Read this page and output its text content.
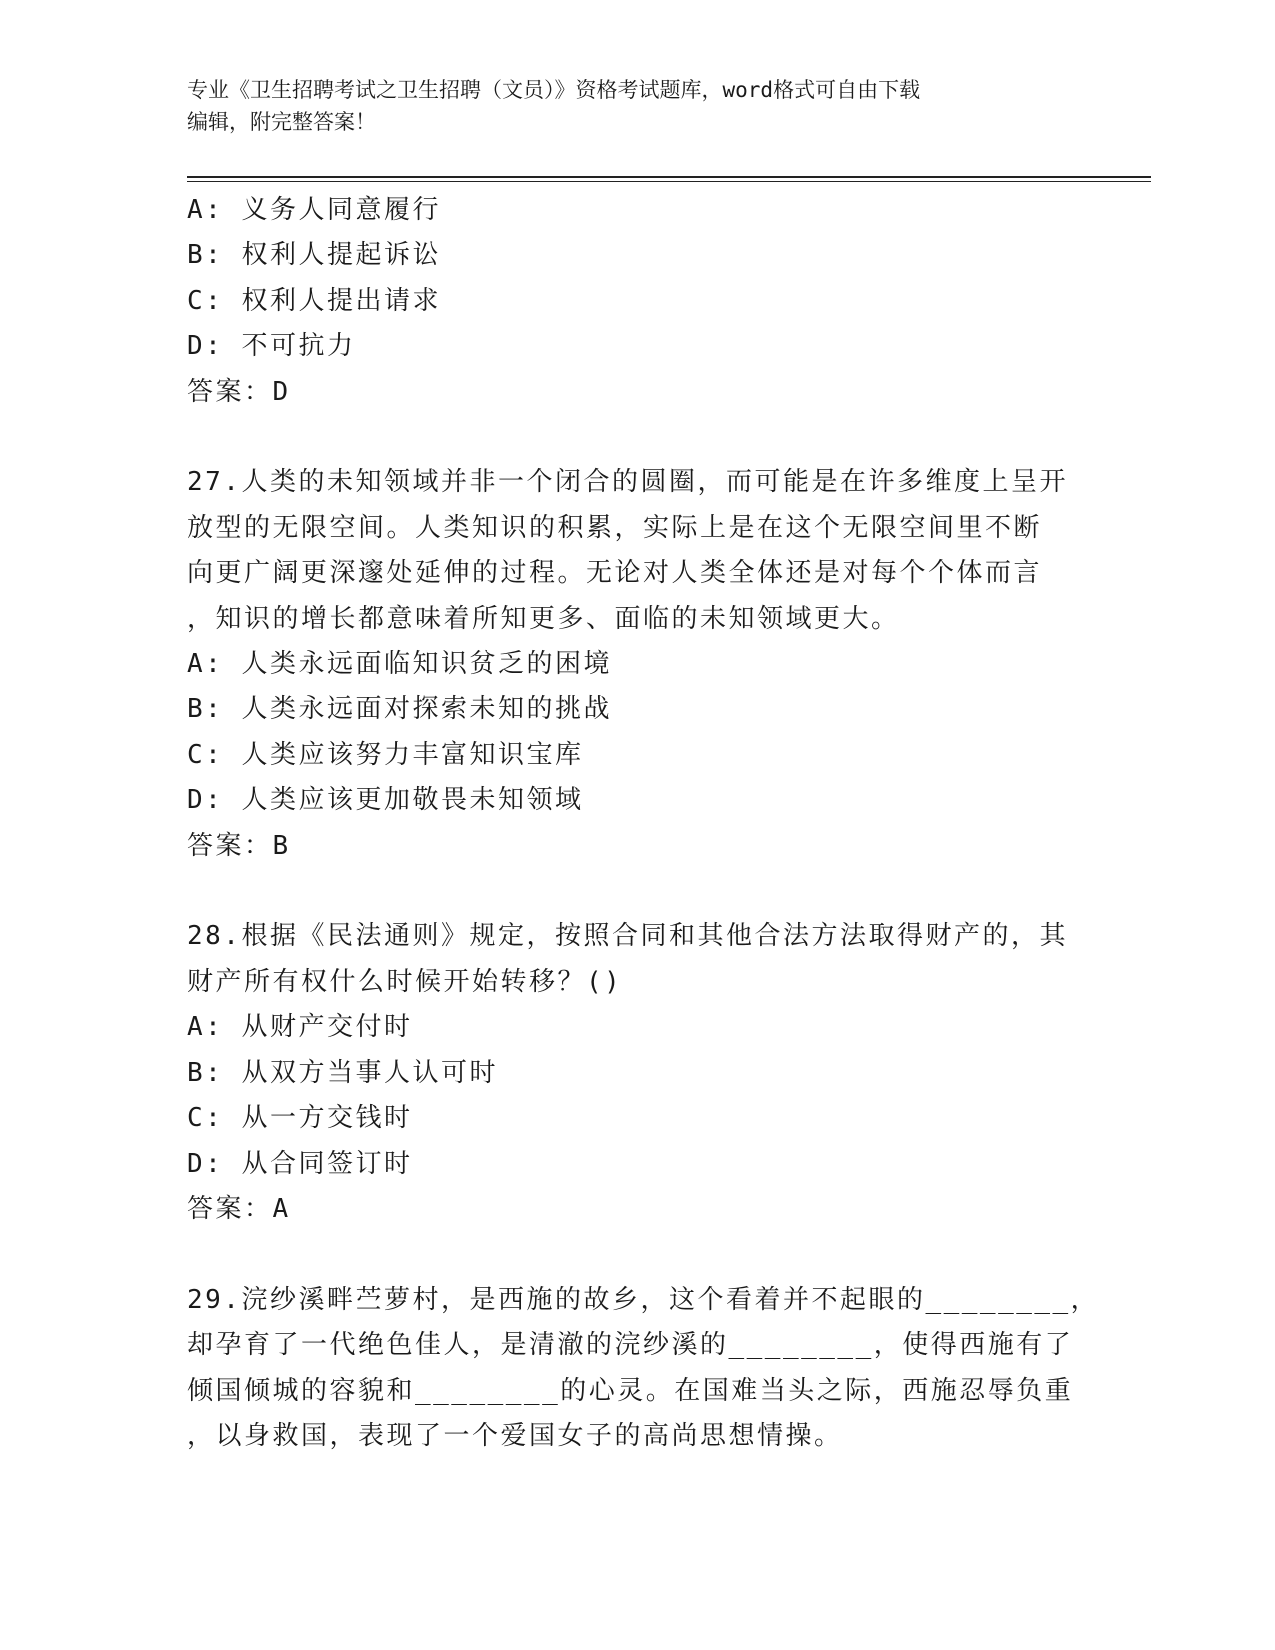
专业《卫生招聘考试之卫生招聘（文员）》资格考试题库，word格式可自由下载
编辑，附完整答案！
A: 义务人同意履行
B: 权利人提起诉讼
C: 权利人提出请求
D: 不可抗力
答案：D
27.人类的未知领域并非一个闭合的圆圈，而可能是在许多维度上呈开
放型的无限空间。人类知识的积累，实际上是在这个无限空间里不断
向更广阔更深邃处延伸的过程。无论对人类全体还是对每个个体而言
，知识的增长都意味着所知更多、面临的未知领域更大。
A: 人类永远面临知识贫乏的困境
B: 人类永远面对探索未知的挑战
C: 人类应该努力丰富知识宝库
D: 人类应该更加敬畏未知领域
答案：B
28.根据《民法通则》规定，按照合同和其他合法方法取得财产的，其
财产所有权什么时候开始转移？()
A: 从财产交付时
B: 从双方当事人认可时
C: 从一方交钱时
D: 从合同签订时
答案：A
29.浣纱溪畔苎萝村，是西施的故乡，这个看着并不起眼的________，
却孕育了一代绝色佳人，是清澈的浣纱溪的________，使得西施有了
倾国倾城的容貌和________的心灵。在国难当头之际，西施忍辱负重
，以身救国，表现了一个爱国女子的高尚思想情操。
